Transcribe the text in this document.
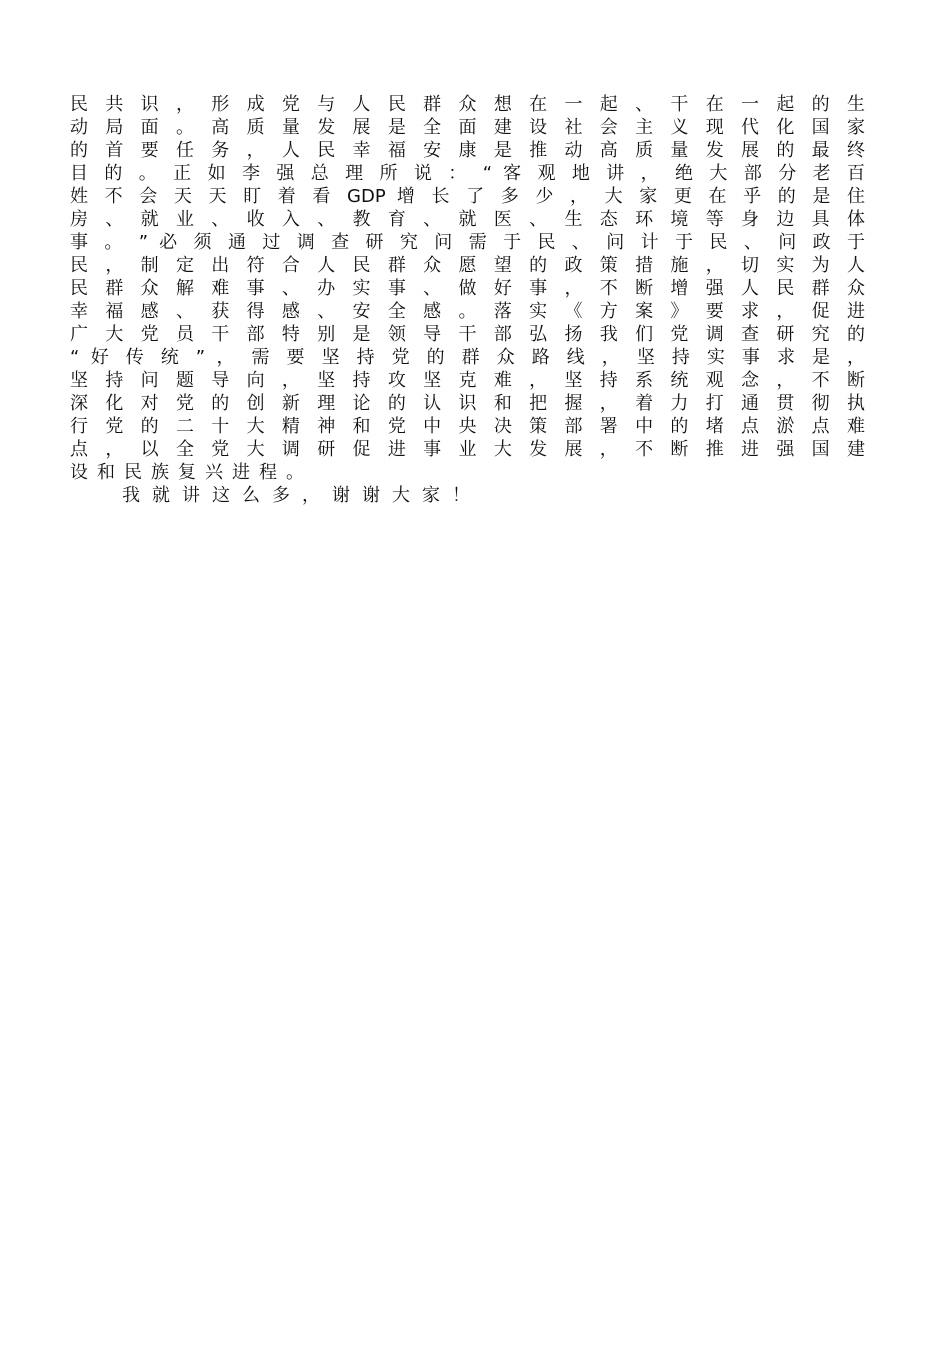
民 共 识 ， 形 成 党 与 人 民 群 众 想 在 一 起 、 干 在 一 起 的 生
动 局 面 。 高 质 量 发 展 是 全 面 建 设 社 会 主 义 现 代 化 国 家
的 首 要 任 务 ， 人 民 幸 福 安 康 是 推 动 高 质 量 发 展 的 最 终
目 的 。 正 如 李 强 总 理 所 说 ： “ 客 观 地 讲 ， 绝 大 部 分 老 百
姓 不 会 天 天 盯 着 看 GDP 增 长 了 多 少 ， 大 家 更 在 乎 的 是 住
房 、 就 业 、 收 入 、 教 育 、 就 医 、 生 态 环 境 等 身 边 具 体
事 。 ” 必 须 通 过 调 查 研 究 问 需 于 民 、 问 计 于 民 、 问 政 于
民 ， 制 定 出 符 合 人 民 群 众 愿 望 的 政 策 措 施 ， 切 实 为 人
民 群 众 解 难 事 、 办 实 事 、 做 好 事 ， 不 断 增 强 人 民 群 众
幸 福 感 、 获 得 感 、 安 全 感 。 落 实 《 方 案 》 要 求 ， 促 进
广 大 党 员 干 部 特 别 是 领 导 干 部 弘 扬 我 们 党 调 查 研 究 的
“ 好 传 统 ” ， 需 要 坚 持 党 的 群 众 路 线 ， 坚 持 实 事 求 是 ，
坚 持 问 题 导 向 ， 坚 持 攻 坚 克 难 ， 坚 持 系 统 观 念 ， 不 断
深 化 对 党 的 创 新 理 论 的 认 识 和 把 握 ， 着 力 打 通 贯 彻 执
行 党 的 二 十 大 精 神 和 党 中 央 决 策 部 署 中 的 堵 点 淤 点 难
点 ， 以 全 党 大 调 研 促 进 事 业 大 发 展 ， 不 断 推 进 强 国 建
设和民族复兴进程。
我就讲这么多，谢谢大家！
